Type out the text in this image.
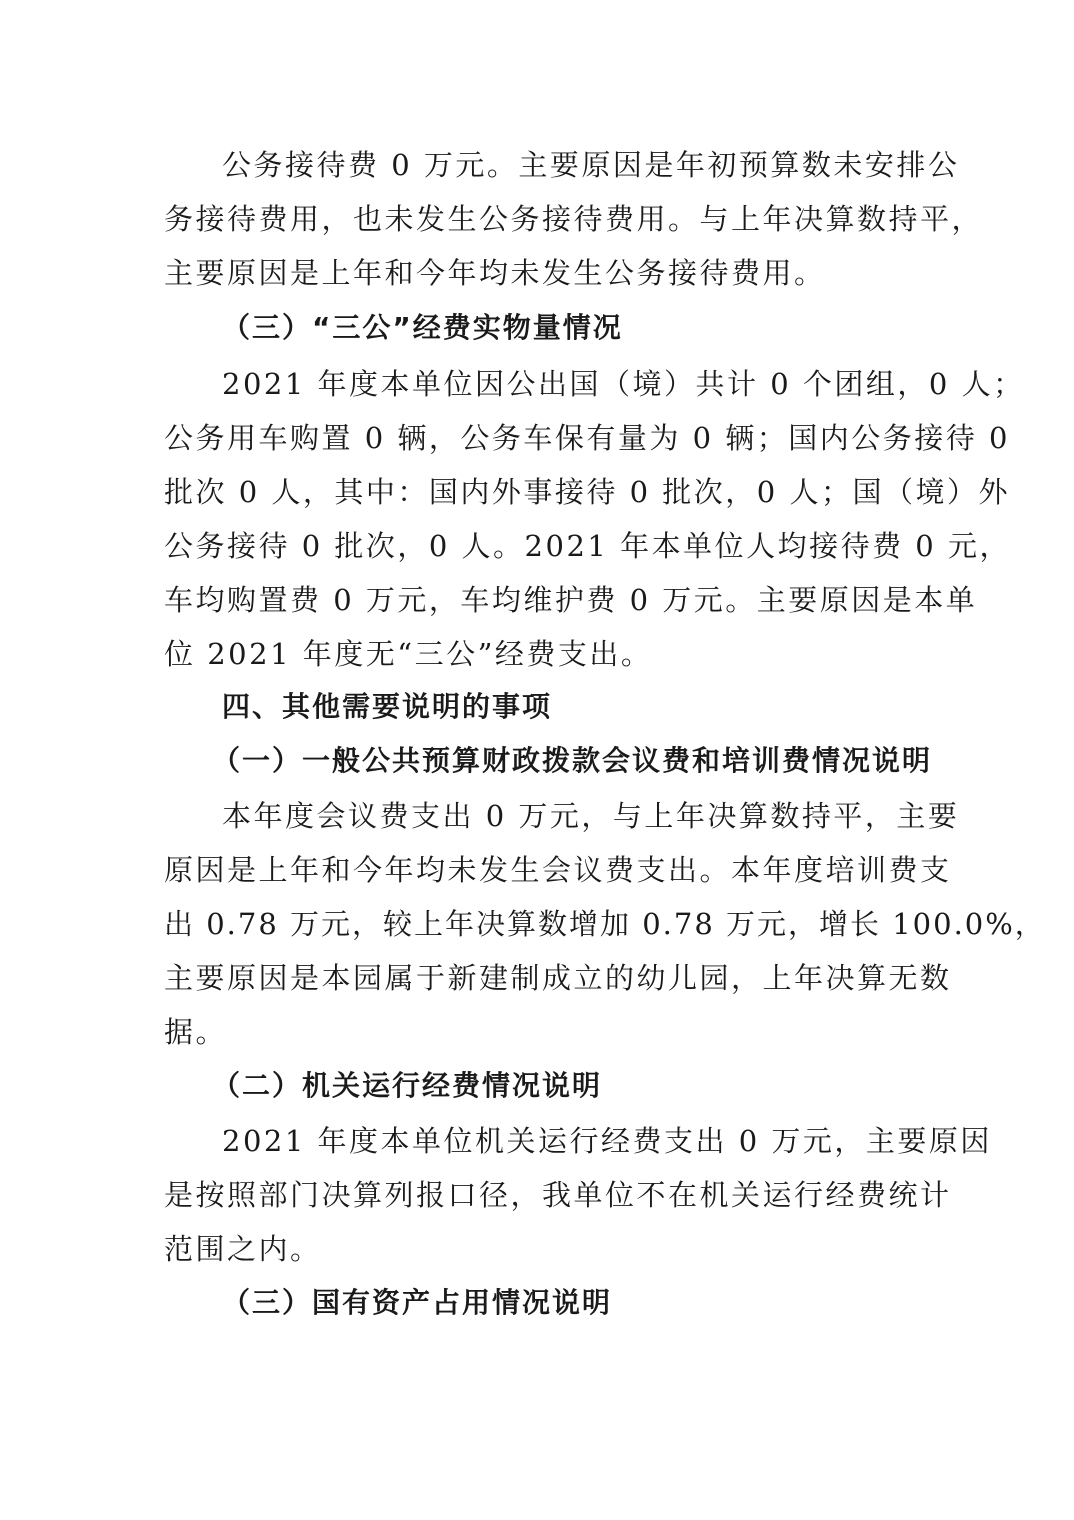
公务接待费 0 万元。主要原因是年初预算数未安排公

务接待费用，也未发生公务接待费用。与上年决算数持平，

主要原因是上年和今年均未发生公务接待费用。

（三）“三公”经费实物量情况

2021 年度本单位因公出国（境）共计 0 个团组，0 人；

公务用车购置 0 辆，公务车保有量为 0 辆；国内公务接待 0

批次 0 人，其中：国内外事接待 0 批次，0 人；国（境）外

公务接待 0 批次，0 人。2021 年本单位人均接待费 0 元，

车均购置费 0 万元，车均维护费 0 万元。主要原因是本单

位 2021 年度无“三公”经费支出。

四、其他需要说明的事项

（一）一般公共预算财政拨款会议费和培训费情况说明

本年度会议费支出 0 万元，与上年决算数持平，主要

原因是上年和今年均未发生会议费支出。本年度培训费支

出 0.78 万元，较上年决算数增加 0.78 万元，增长 100.0%，

主要原因是本园属于新建制成立的幼儿园，上年决算无数

据。

（二）机关运行经费情况说明

2021 年度本单位机关运行经费支出 0 万元，主要原因

是按照部门决算列报口径，我单位不在机关运行经费统计

范围之内。

（三）国有资产占用情况说明
